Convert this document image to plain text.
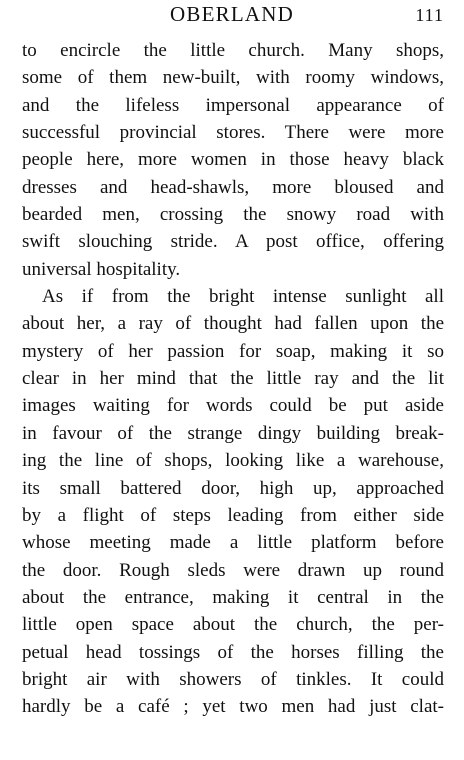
OBERLAND	111
to encircle the little church. Many shops,
some of them new-built, with roomy windows,
and the lifeless impersonal appearance of
successful provincial stores. There were more
people here, more women in those heavy black
dresses and head-shawls, more bloused and
bearded men, crossing the snowy road with
swift slouching stride. A post office, offering
universal hospitality.
As if from the bright intense sunlight all
about her, a ray of thought had fallen upon the
mystery of her passion for soap, making it so
clear in her mind that the little ray and the lit
images waiting for words could be put aside
in favour of the strange dingy building break-
ing the line of shops, looking like a warehouse,
its small battered door, high up, approached
by a flight of steps leading from either side
whose meeting made a little platform before
the door. Rough sleds were drawn up round
about the entrance, making it central in the
little open space about the church, the per-
petual head tossings of the horses filling the
bright air with showers of tinkles. It could
hardly be a café ; yet two men had just clat-
